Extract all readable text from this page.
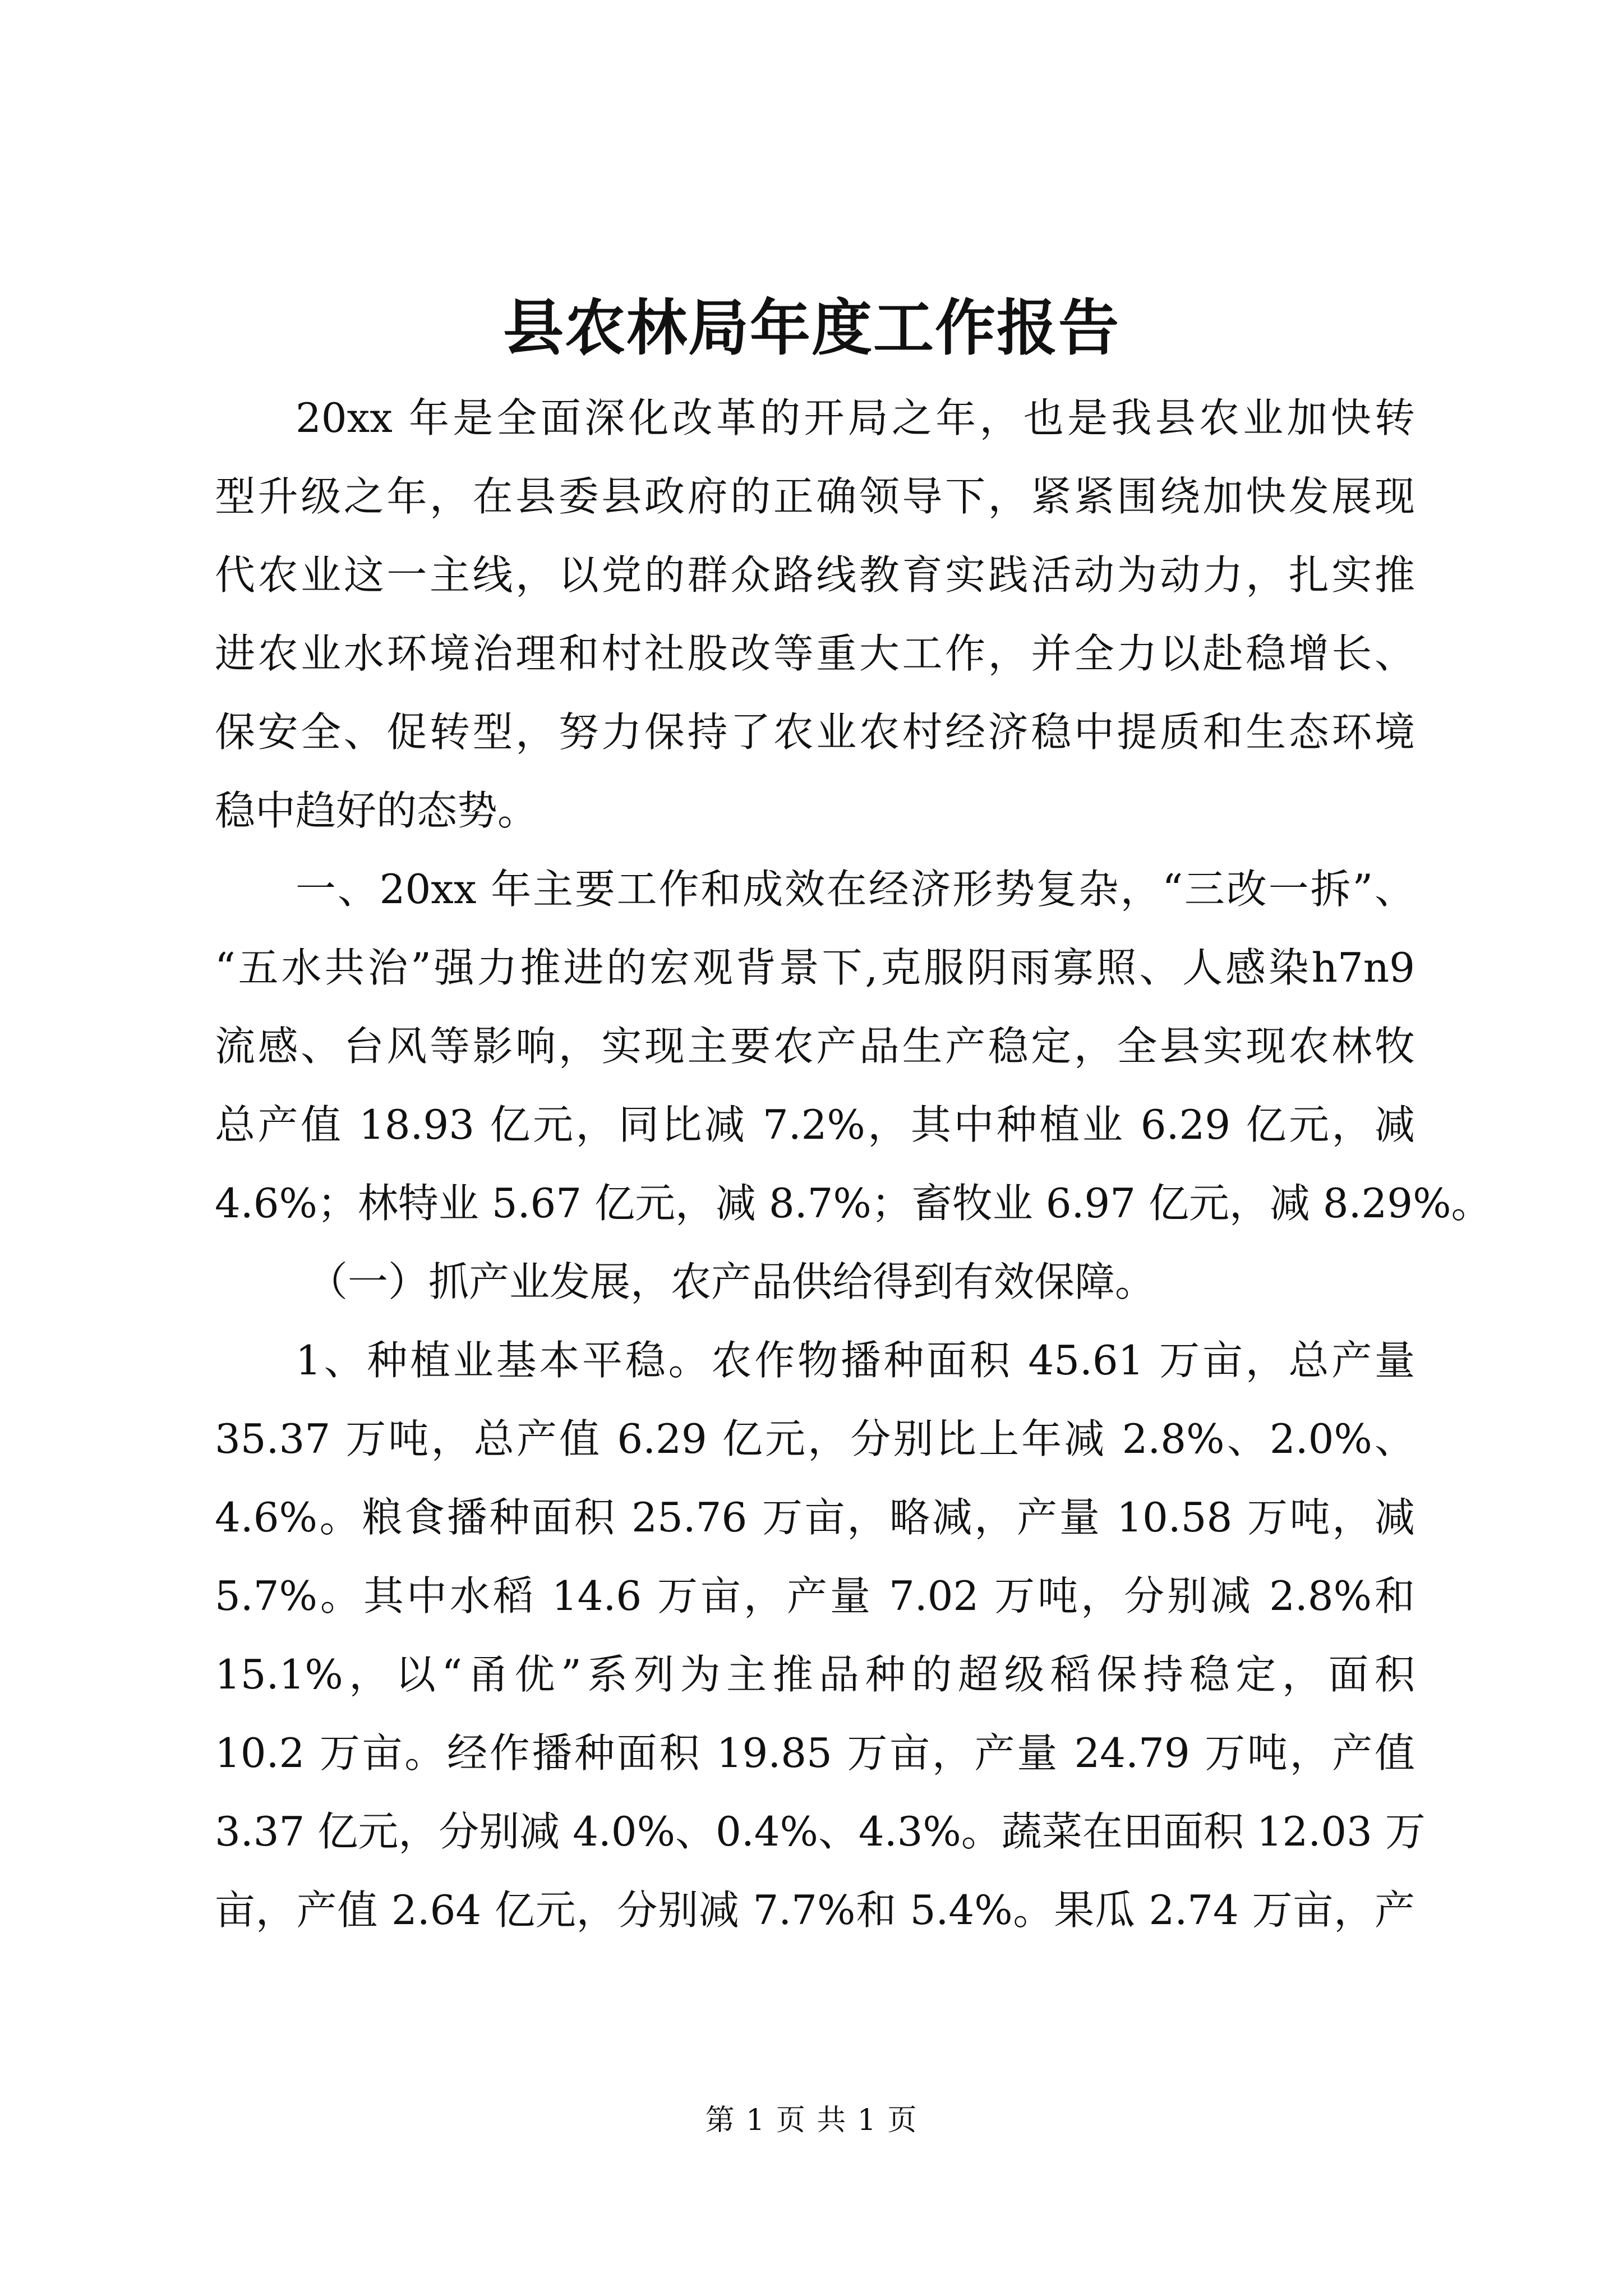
县农林局年度工作报告
20xx 年是全面深化改革的开局之年，也是我县农业加快转
型升级之年，在县委县政府的正确领导下，紧紧围绕加快发展现
代农业这一主线，以党的群众路线教育实践活动为动力，扎实推
进农业水环境治理和村社股改等重大工作，并全力以赴稳增长、
保安全、促转型，努力保持了农业农村经济稳中提质和生态环境
稳中趋好的态势。
一、20xx 年主要工作和成效在经济形势复杂，“三改一拆”、
“五水共治”强力推进的宏观背景下,克服阴雨寡照、人感染h7n9
流感、台风等影响，实现主要农产品生产稳定，全县实现农林牧
总产值 18.93 亿元，同比减 7.2%，其中种植业 6.29 亿元，减
4.6%；林特业 5.67 亿元，减 8.7%；畜牧业 6.97 亿元，减 8.29%。
（一）抓产业发展，农产品供给得到有效保障。
1、种植业基本平稳。农作物播种面积 45.61 万亩，总产量
35.37 万吨，总产值 6.29 亿元，分别比上年减 2.8%、2.0%、
4.6%。粮食播种面积 25.76 万亩，略减，产量 10.58 万吨，减
5.7%。其中水稻 14.6 万亩，产量 7.02 万吨，分别减 2.8%和
15.1%，以“甬优”系列为主推品种的超级稻保持稳定，面积
10.2 万亩。经作播种面积 19.85 万亩，产量 24.79 万吨，产值
3.37 亿元，分别减 4.0%、0.4%、4.3%。蔬菜在田面积 12.03 万
亩，产值 2.64 亿元，分别减 7.7%和 5.4%。果瓜 2.74 万亩，产
第 1 页 共 1 页
